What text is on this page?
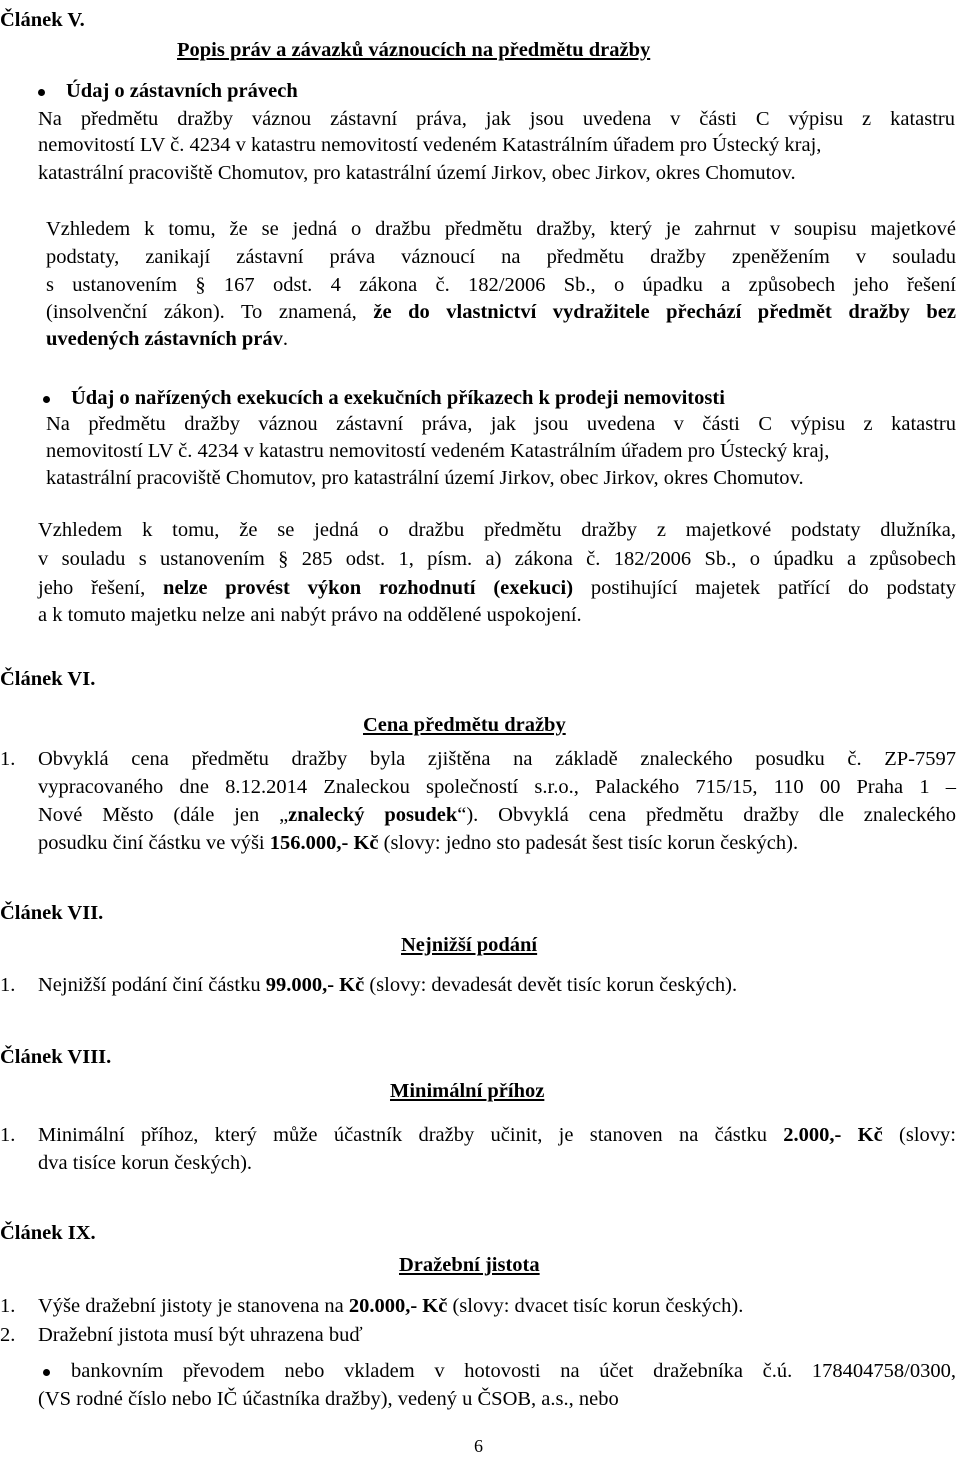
Článek V.
Popis práv a závazků váznoucích na předmětu dražby
Údaj o zástavních právech
Na předmětu dražby váznou zástavní práva, jak jsou uvedena v části C výpisu z katastru
nemovitostí LV č. 4234 v katastru nemovitostí vedeném Katastrálním úřadem pro Ústecký kraj,
katastrální pracoviště Chomutov, pro katastrální území Jirkov, obec Jirkov, okres Chomutov.
Vzhledem k tomu, že se jedná o dražbu předmětu dražby, který je zahrnut v soupisu majetkové
podstaty, zanikají zástavní práva váznoucí na předmětu dražby zpeněžením v souladu
s ustanovením § 167 odst. 4 zákona č. 182/2006 Sb., o úpadku a způsobech jeho řešení
(insolvenční zákon). To znamená, že do vlastnictví vydražitele přechází předmět dražby bez
uvedených zástavních práv.
Údaj o nařízených exekucích a exekučních příkazech k prodeji nemovitosti
Na předmětu dražby váznou zástavní práva, jak jsou uvedena v části C výpisu z katastru
nemovitostí LV č. 4234 v katastru nemovitostí vedeném Katastrálním úřadem pro Ústecký kraj,
katastrální pracoviště Chomutov, pro katastrální území Jirkov, obec Jirkov, okres Chomutov.
Vzhledem k tomu, že se jedná o dražbu předmětu dražby z majetkové podstaty dlužníka,
v souladu s ustanovením § 285 odst. 1, písm. a) zákona č. 182/2006 Sb., o úpadku a způsobech
jeho řešení, nelze provést výkon rozhodnutí (exekuci) postihující majetek patřící do podstaty
a k tomuto majetku nelze ani nabýt právo na oddělené uspokojení.
Článek VI.
Cena předmětu dražby
1. Obvyklá cena předmětu dražby byla zjištěna na základě znaleckého posudku č. ZP-7597
vypracovaného dne 8.12.2014 Znaleckou společností s.r.o., Palackého 715/15, 110 00 Praha 1 –
Nové Město (dále jen „znalecký posudek“). Obvyklá cena předmětu dražby dle znaleckého
posudku činí částku ve výši 156.000,- Kč (slovy: jedno sto padesát šest tisíc korun českých).
Článek VII.
Nejnižší podání
1. Nejnižší podání činí částku 99.000,- Kč (slovy: devadesát devět tisíc korun českých).
Článek VIII.
Minimální příhoz
1. Minimální příhoz, který může účastník dražby učinit, je stanoven na částku 2.000,- Kč (slovy:
dva tisíce korun českých).
Článek IX.
Dražební jistota
1. Výše dražební jistoty je stanovena na 20.000,- Kč (slovy: dvacet tisíc korun českých).
2. Dražební jistota musí být uhrazena buď
bankovním převodem nebo vkladem v hotovosti na účet dražebníka č.ú. 178404758/0300,
(VS rodné číslo nebo IČ účastníka dražby), vedený u ČSOB, a.s., nebo
6
